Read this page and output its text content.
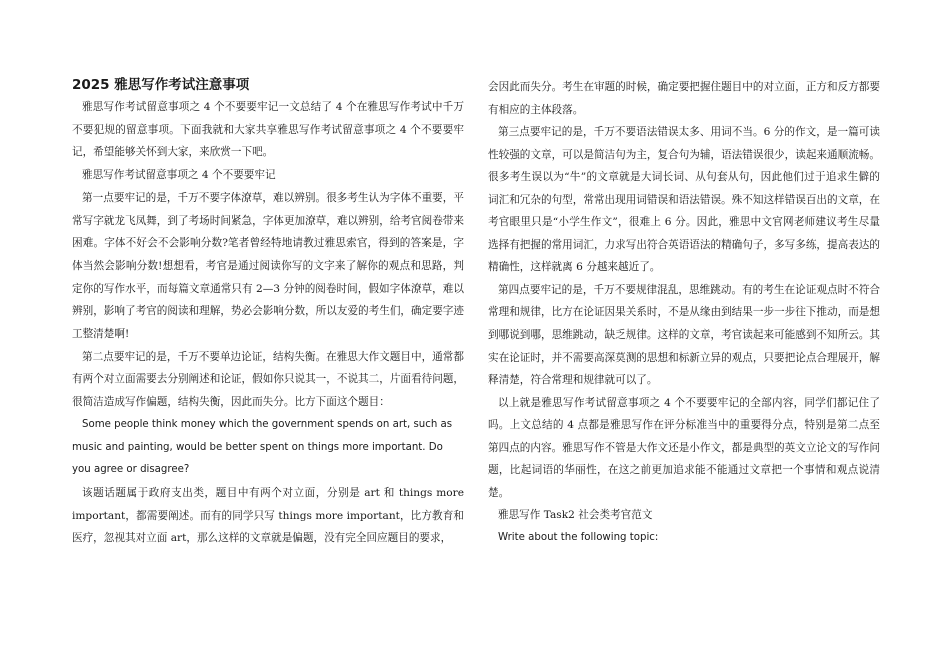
2025 雅思写作考试注意事项

雅思写作考试留意事项之 4 个不要要牢记一文总结了 4 个在雅思写作考试中千万不要犯规的留意事项。下面我就和大家共享雅思写作考试留意事项之 4 个不要要牢记，希望能够关怀到大家，来欣赏一下吧。

雅思写作考试留意事项之 4 个不要要牢记

第一点要牢记的是，千万不要字体潦草，难以辨别。很多考生认为字体不重要，平常写字就龙飞凤舞，到了考场时间紧急，字体更加潦草，难以辨别，给考官阅卷带来困难。字体不好会不会影响分数?笔者曾经特地请教过雅思索官，得到的答案是，字体当然会影响分数!想想看，考官是通过阅读你写的文字来了解你的观点和思路，判定你的写作水平，而每篇文章通常只有 2—3 分钟的阅卷时间，假如字体潦草，难以辨别，影响了考官的阅读和理解，势必会影响分数，所以友爱的考生们，确定要字迹工整清楚啊!

第二点要牢记的是，千万不要单边论证，结构失衡。在雅思大作文题目中，通常都有两个对立面需要去分别阐述和论证，假如你只说其一，不说其二，片面看待问题，很简洁造成写作偏题，结构失衡，因此而失分。比方下面这个题目：

Some people think money which the government spends on art, such as music and painting, would be better spent on things more important. Do you agree or disagree?

该题话题属于政府支出类，题目中有两个对立面，分别是 art 和 things more important，都需要阐述。而有的同学只写 things more important，比方教育和医疗，忽视其对立面 art，那么这样的文章就是偏题，没有完全回应题目的要求，

会因此而失分。考生在审题的时候，确定要把握住题目中的对立面，正方和反方都要有相应的主体段落。

第三点要牢记的是，千万不要语法错误太多、用词不当。6 分的作文，是一篇可读性较强的文章，可以是简洁句为主，复合句为辅，语法错误很少，读起来通顺流畅。很多考生误以为“牛”的文章就是大词长词、从句套从句，因此他们过于追求生僻的词汇和冗杂的句型，常常出现用词错误和语法错误。殊不知这样错误百出的文章，在考官眼里只是“小学生作文”，很难上 6 分。因此，雅思中文官网老师建议考生尽量选择有把握的常用词汇，力求写出符合英语语法的精确句子，多写多练，提高表达的精确性，这样就离 6 分越来越近了。

第四点要牢记的是，千万不要规律混乱，思维跳动。有的考生在论证观点时不符合常理和规律，比方在论证因果关系时，不是从缘由到结果一步一步往下推动，而是想到哪说到哪，思维跳动，缺乏规律。这样的文章，考官读起来可能感到不知所云。其实在论证时，并不需要高深莫测的思想和标新立异的观点，只要把论点合理展开，解释清楚，符合常理和规律就可以了。

以上就是雅思写作考试留意事项之 4 个不要要牢记的全部内容，同学们都记住了吗。上文总结的 4 点都是雅思写作在评分标准当中的重要得分点，特别是第二点至第四点的内容。雅思写作不管是大作文还是小作文，都是典型的英文立论文的写作问题，比起词语的华丽性，在这之前更加追求能不能通过文章把一个事情和观点说清楚。

雅思写作 Task2 社会类考官范文

Write about the following topic:
